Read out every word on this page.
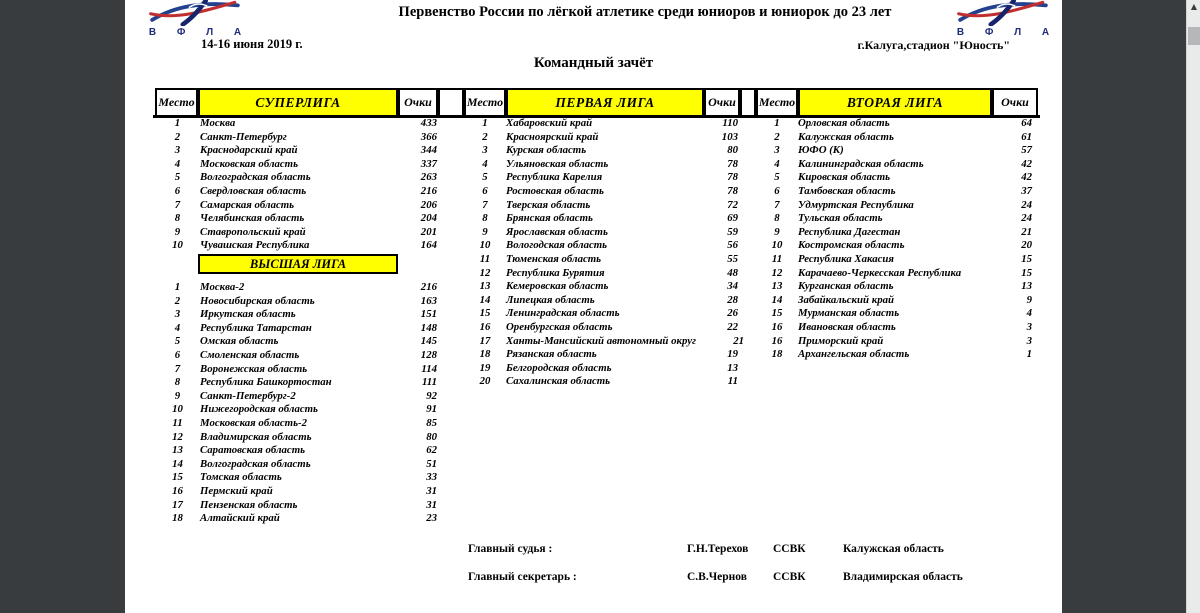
В Ф Л А	В Ф Л А
Первенство России по лёгкой атлетике среди юниоров и юниорок до 23 лет
14-16 июня 2019 г.	г.Калуга,стадион "Юность"
Командный зачёт
Место	СУПЕРЛИГА	Очки	Место	ПЕРВАЯ ЛИГА	Очки	Место	ВТОРАЯ ЛИГА	Очки
1	Москва	433
2	Санкт-Петербург	366
3	Краснодарский край	344
4	Московская область	337
5	Волгоградская область	263
6	Свердловская область	216
7	Самарская область	206
8	Челябинская область	204
9	Ставропольский край	201
10	Чувашская Республика	164
ВЫСШАЯ ЛИГА
1	Москва-2	216
2	Новосибирская область	163
3	Иркутская область	151
4	Республика Татарстан	148
5	Омская область	145
6	Смоленская область	128
7	Воронежская область	114
8	Республика Башкортостан	111
9	Санкт-Петербург-2	92
10	Нижегородская область	91
11	Московская область-2	85
12	Владимирская область	80
13	Саратовская область	62
14	Волгоградская область	51
15	Томская область	33
16	Пермский край	31
17	Пензенская область	31
18	Алтайский край	23
1	Хабаровский край	110
2	Красноярский край	103
3	Курская область	80
4	Ульяновская область	78
5	Республика Карелия	78
6	Ростовская область	78
7	Тверская область	72
8	Брянская область	69
9	Ярославская область	59
10	Вологодская область	56
11	Тюменская область	55
12	Республика Бурятия	48
13	Кемеровская область	34
14	Липецкая область	28
15	Ленинградская область	26
16	Оренбургская область	22
17	Ханты-Мансийский автономный округ	21
18	Рязанская область	19
19	Белгородская область	13
20	Сахалинская область	11
1	Орловская область	64
2	Калужская область	61
3	ЮФО (К)	57
4	Калининградская область	42
5	Кировская область	42
6	Тамбовская область	37
7	Удмуртская Республика	24
8	Тульская область	24
9	Республика Дагестан	21
10	Костромская область	20
11	Республика Хакасия	15
12	Карачаево-Черкесская Республика	15
13	Курганская область	13
14	Забайкальский край	9
15	Мурманская область	4
16	Ивановская область	3
16	Приморский край	3
18	Архангельская область	1
Главный судья :	Г.Н.Терехов	ССВК	Калужская область
Главный секретарь :	С.В.Чернов	ССВК	Владимирская область
▲
